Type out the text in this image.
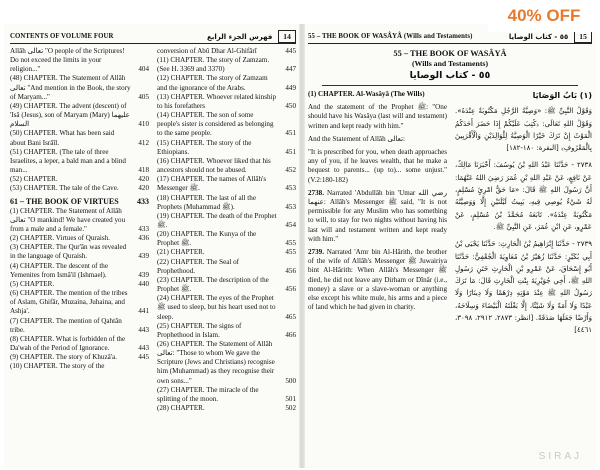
40% OFF
CONTENTS OF VOLUME FOUR	فهرس الجزء الرابع	14
Allâh تعالى "O people of the Scriptures! Do not exceed the limits in your religion..."	404
(48) CHAPTER. The Statement of Allâh تعالى "And mention in the Book, the story of Maryam..."	405
(49) CHAPTER. The advent (descent) of 'Isâ (Jesus), son of Maryam (Mary) عليهما السلام	410
(50) CHAPTER. What has been said about Bani Isrâîl.	412
(51) CHAPTER. (The tale of three Israelites, a leper, a bald man and a blind man...	418
(52) CHAPTER.	420
(53) CHAPTER. The tale of the Cave.	420
61 – THE BOOK OF VIRTUES 433
(1) CHAPTER. The Statement of Allâh تعالى "O mankind! We have created you from a male and a female."	433
(2) CHAPTER. Virtues of Quraish.	436
(3) CHAPTER. The Qur'ân was revealed in the language of Quraish.	439
(4) CHAPTER. The descent of the Yemenites from Ismâ'il (Ishmael).	439
(5) CHAPTER.	440
(6) CHAPTER. The mention of the tribes of Aslam, Ghifâr, Muzaina, Juhaina, and Ashja'.	441
(7) CHAPTER. The mention of Qahtân tribe.	443
(8) CHAPTER. What is forbidden of the Da'wah of the Period of Ignorance.	443
(9) CHAPTER. The story of Khuzâ'a.	445
(10) CHAPTER. The story of the
conversion of Abû Dhar Al-Ghifârî	445
(11) CHAPTER. The story of Zamzam. (See H. 3369 and 3370)	447
(12) CHAPTER. The story of Zamzam and the ignorance of the Arabs.	449
(13) CHAPTER. Whoever related kinship to his forefathers	450
(14) CHAPTER. The son of some people's sister is considered as belonging to the same people.	451
(15) CHAPTER. The story of the Ethiopians.	451
(16) CHAPTER. Whoever liked that his ancestors should not be abused.	452
(17) CHAPTER. The names of Allâh's Messenger ﷺ.	453
(18) CHAPTER. The last of all the Prophets (Muhammad ﷺ).	453
(19) CHAPTER. The death of the Prophet ﷺ.	454
(20) CHAPTER. The Kunya of the Prophet ﷺ.	455
(21) CHAPTER.	455
(22) CHAPTER. The Seal of Prophethood.	456
(23) CHAPTER. The description of the Prophet ﷺ.	456
(24) CHAPTER. The eyes of the Prophet ﷺ used to sleep, but his heart used not to sleep.	465
(25) CHAPTER. The signs of Prophethood in Islam.	466
(26) CHAPTER. The Statement of Allâh تعالى: "Those to whom We gave the Scripture (Jews and Christians) recognise him (Muhammad) as they recognise their own sons..."	500
(27) CHAPTER. The miracle of the splitting of the moon.	501
(28) CHAPTER.	502
55 – THE BOOK OF WASÂYÂ (Wills and Testaments)	٥٥ - كتاب الوصايا	15
55 – THE BOOK OF WASÂYÂ
(Wills and Testaments)
٥٥ - كتاب الوصايا
(1) CHAPTER. Al-Wasâyâ (The Wills)

And the statement of the Prophet ﷺ: "One should have his Wasâya (last will and testament) written and kept ready with him."

And the Statement of Allâh تعالى:

"It is prescribed for you, when death approaches any of you, if he leaves wealth, that he make a bequest to parents... (up to)... some unjust." (V.2:180-182)

2738. Narrated 'Abdullâh bin 'Umar رضي الله عنهما: Allâh's Messenger ﷺ said, "It is not permissible for any Muslim who has something to will, to stay for two nights without having his last will and testament written and kept ready with him."

2739. Narrated 'Amr bin Al-Hârith, the brother of the wife of Allâh's Messenger ﷺ Juwairiya bint Al-Hârith: When Allâh's Messenger ﷺ died, he did not leave any Dirham or Dînâr (i.e., money) a slave or a slave-woman or anything else except his white mule, his arms and a piece of land which he had given in charity.

(١) بَابُ الوَصَايَا
وَقَوْلُ النَّبِيِّ ﷺ: «وَصِيَّةُ الرَّجُلِ مَكْتُوبَةٌ عِنْدَهُ». وَقَوْلُ اللهِ تَعَالَى: ﴿كُتِبَ عَلَيْكُمْ إِذَا حَضَرَ أَحَدَكُمُ الْمَوْتُ إِنْ تَرَكَ خَيْرًا الْوَصِيَّةُ لِلْوَالِدَيْنِ وَالْأَقْرَبِينَ بِالْمَعْرُوفِ﴾ [البقرة: ١٨٠-١٨٢]
٢٧٣٨ - حَدَّثَنَا عَبْدُ اللهِ بْنُ يُوسُفَ: أَخْبَرَنَا مَالِكٌ، عَنْ نَافِعٍ، عَنْ عَبْدِ اللهِ بْنِ عُمَرَ رَضِيَ اللهُ عَنْهُمَا: أَنَّ رَسُولَ اللهِ ﷺ قَالَ: «مَا حَقُّ امْرِئٍ مُسْلِمٍ، لَهُ شَيْءٌ يُوصِي فِيهِ، يَبِيتُ لَيْلَتَيْنِ إِلَّا وَوَصِيَّتُهُ مَكْتُوبَةٌ عِنْدَهُ». تَابَعَهُ مُحَمَّدُ بْنُ مُسْلِمٍ، عَنْ عَمْرٍو، عَنِ ابْنِ عُمَرَ، عَنِ النَّبِيِّ ﷺ.
٢٧٣٩ - حَدَّثَنَا إِبْرَاهِيمُ بْنُ الْحَارِثِ: حَدَّثَنَا يَحْيَى بْنُ أَبِي بُكَيْرٍ: حَدَّثَنَا زُهَيْرُ بْنُ مُعَاوِيَةَ الْجُعْفِيُّ: حَدَّثَنَا أَبُو إِسْحَاقَ، عَنْ عَمْرِو بْنِ الْحَارِثِ خَتَنِ رَسُولِ اللهِ ﷺ، أَخِي جُوَيْرِيَةَ بِنْتِ الْحَارِثِ قَالَ: مَا تَرَكَ رَسُولُ اللهِ ﷺ عِنْدَ مَوْتِهِ دِرْهَمًا وَلَا دِينَارًا وَلَا عَبْدًا وَلَا أَمَةً وَلَا شَيْئًا، إِلَّا بَغْلَتَهُ الْبَيْضَاءَ وَسِلَاحَهُ، وَأَرْضًا جَعَلَهَا صَدَقَةً. [انظر: ٢٨٧٣، ٢٩١٢، ٣٠٩٨، ٤٤٦١]
SIRAJ
